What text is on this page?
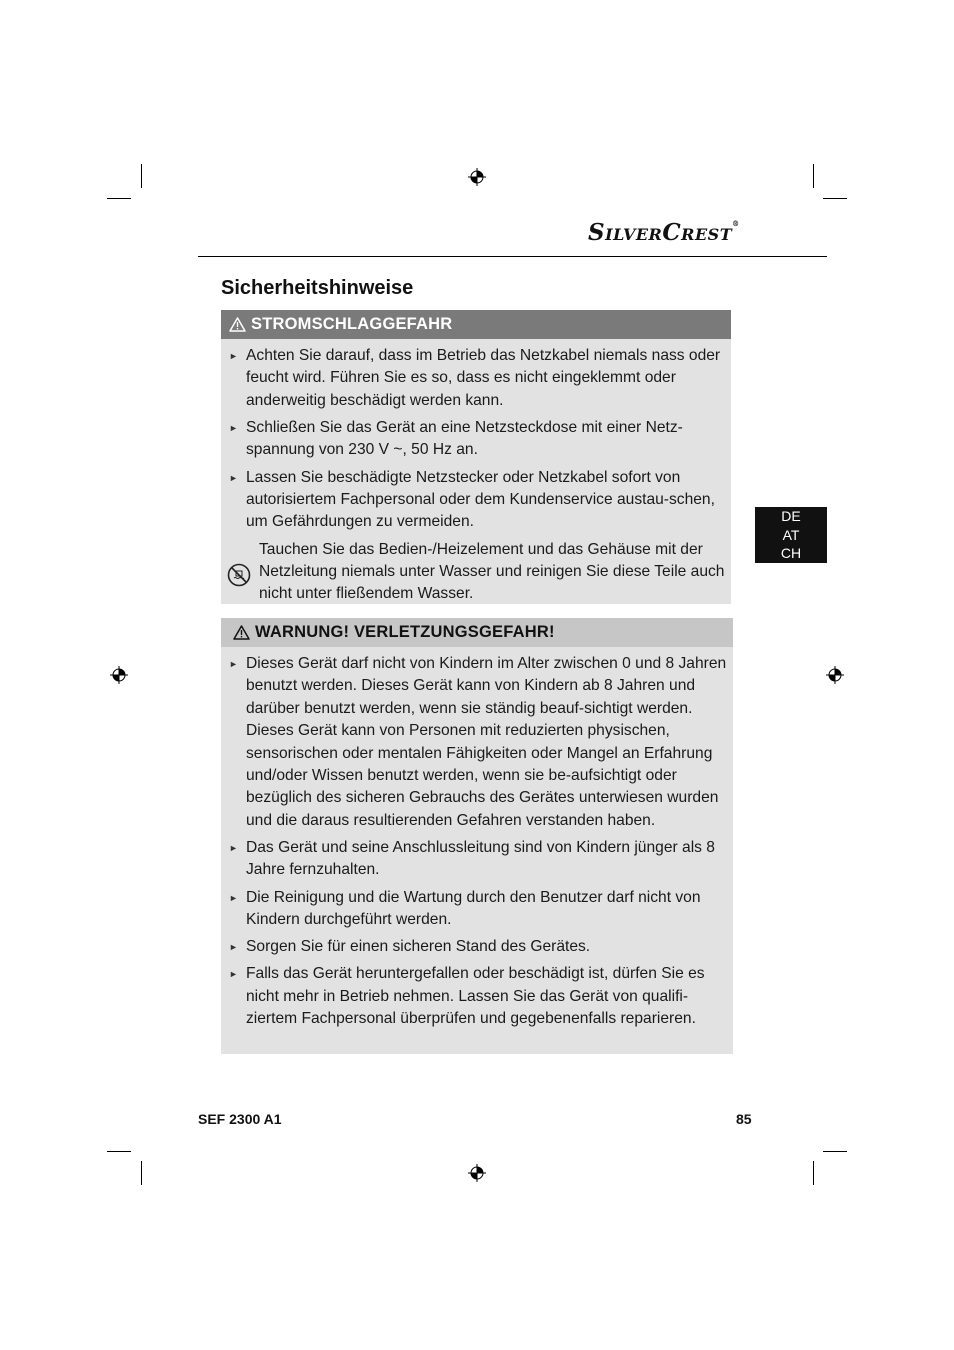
SilverCrest®
Sicherheitshinweise
STROMSCHLAGGEFAHR
► Achten Sie darauf, dass im Betrieb das Netzkabel niemals nass oder feucht wird. Führen Sie es so, dass es nicht eingeklemmt oder anderweitig beschädigt werden kann.
► Schließen Sie das Gerät an eine Netzsteckdose mit einer Netz-spannung von 230 V ~, 50 Hz an.
► Lassen Sie beschädigte Netzstecker oder Netzkabel sofort von autorisiertem Fachpersonal oder dem Kundenservice austau-schen, um Gefährdungen zu vermeiden.
Tauchen Sie das Bedien-/Heizelement und das Gehäuse mit der Netzleitung niemals unter Wasser und reinigen Sie diese Teile auch nicht unter fließendem Wasser.
DE
AT
CH
WARNUNG! VERLETZUNGSGEFAHR!
► Dieses Gerät darf nicht von Kindern im Alter zwischen 0 und 8 Jahren benutzt werden. Dieses Gerät kann von Kindern ab 8 Jahren und darüber benutzt werden, wenn sie ständig beauf-sichtigt werden. Dieses Gerät kann von Personen mit reduzierten physischen, sensorischen oder mentalen Fähigkeiten oder Mangel an Erfahrung und/oder Wissen benutzt werden, wenn sie be-aufsichtigt oder bezüglich des sicheren Gebrauchs des Gerätes unterwiesen wurden und die daraus resultierenden Gefahren verstanden haben.
► Das Gerät und seine Anschlussleitung sind von Kindern jünger als 8 Jahre fernzuhalten.
► Die Reinigung und die Wartung durch den Benutzer darf nicht von Kindern durchgeführt werden.
► Sorgen Sie für einen sicheren Stand des Gerätes.
► Falls das Gerät heruntergefallen oder beschädigt ist, dürfen Sie es nicht mehr in Betrieb nehmen. Lassen Sie das Gerät von qualifi-ziertem Fachpersonal überprüfen und gegebenenfalls reparieren.
SEF 2300 A1	85
